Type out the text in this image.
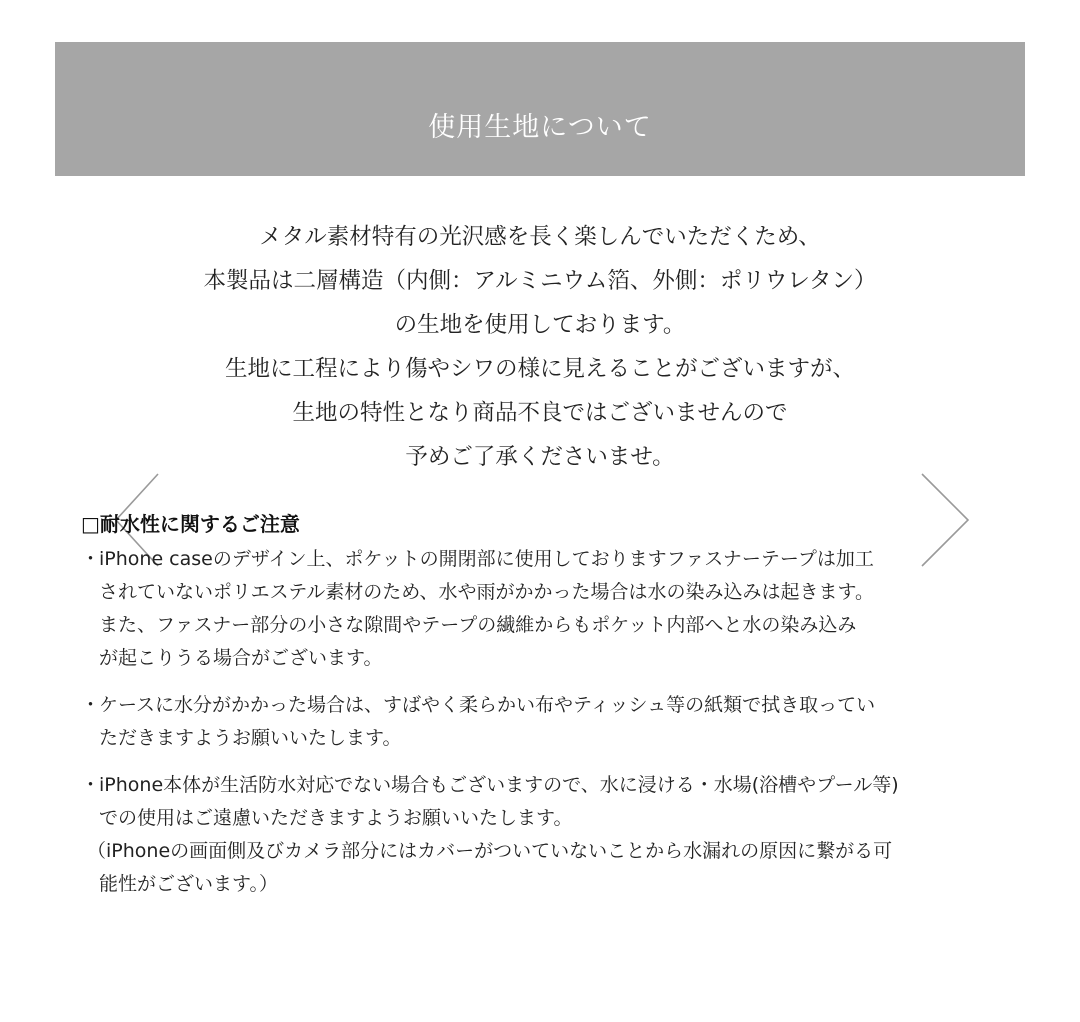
使用生地について

メタル素材特有の光沢感を長く楽しんでいただくため、

本製品は二層構造（内側：アルミニウム箔、外側：ポリウレタン）

の生地を使用しております。

生地に工程により傷やシワの様に見えることがございますが、

生地の特性となり商品不良ではございませんので

予めご了承くださいませ。

□耐水性に関するご注意
・
iPhone caseのデザイン上、ポケットの開閉部に使用しておりますファスナーテープは加工
されていないポリエステル素材のため、水や雨がかかった場合は水の染み込みは起きます。
また、ファスナー部分の小さな隙間やテープの繊維からもポケット内部へと水の染み込み
が起こりうる場合がございます。
・
ケースに水分がかかった場合は、すばやく柔らかい布やティッシュ等の紙類で拭き取ってい
ただきますようお願いいたします。
・
iPhone本体が生活防水対応でない場合もございますので、水に浸ける・水場(浴槽やプール等)
での使用はご遠慮いただきますようお願いいたします。
（iPhoneの画面側及びカメラ部分にはカバーがついていないことから水漏れの原因に繋がる可
能性がございます。）
